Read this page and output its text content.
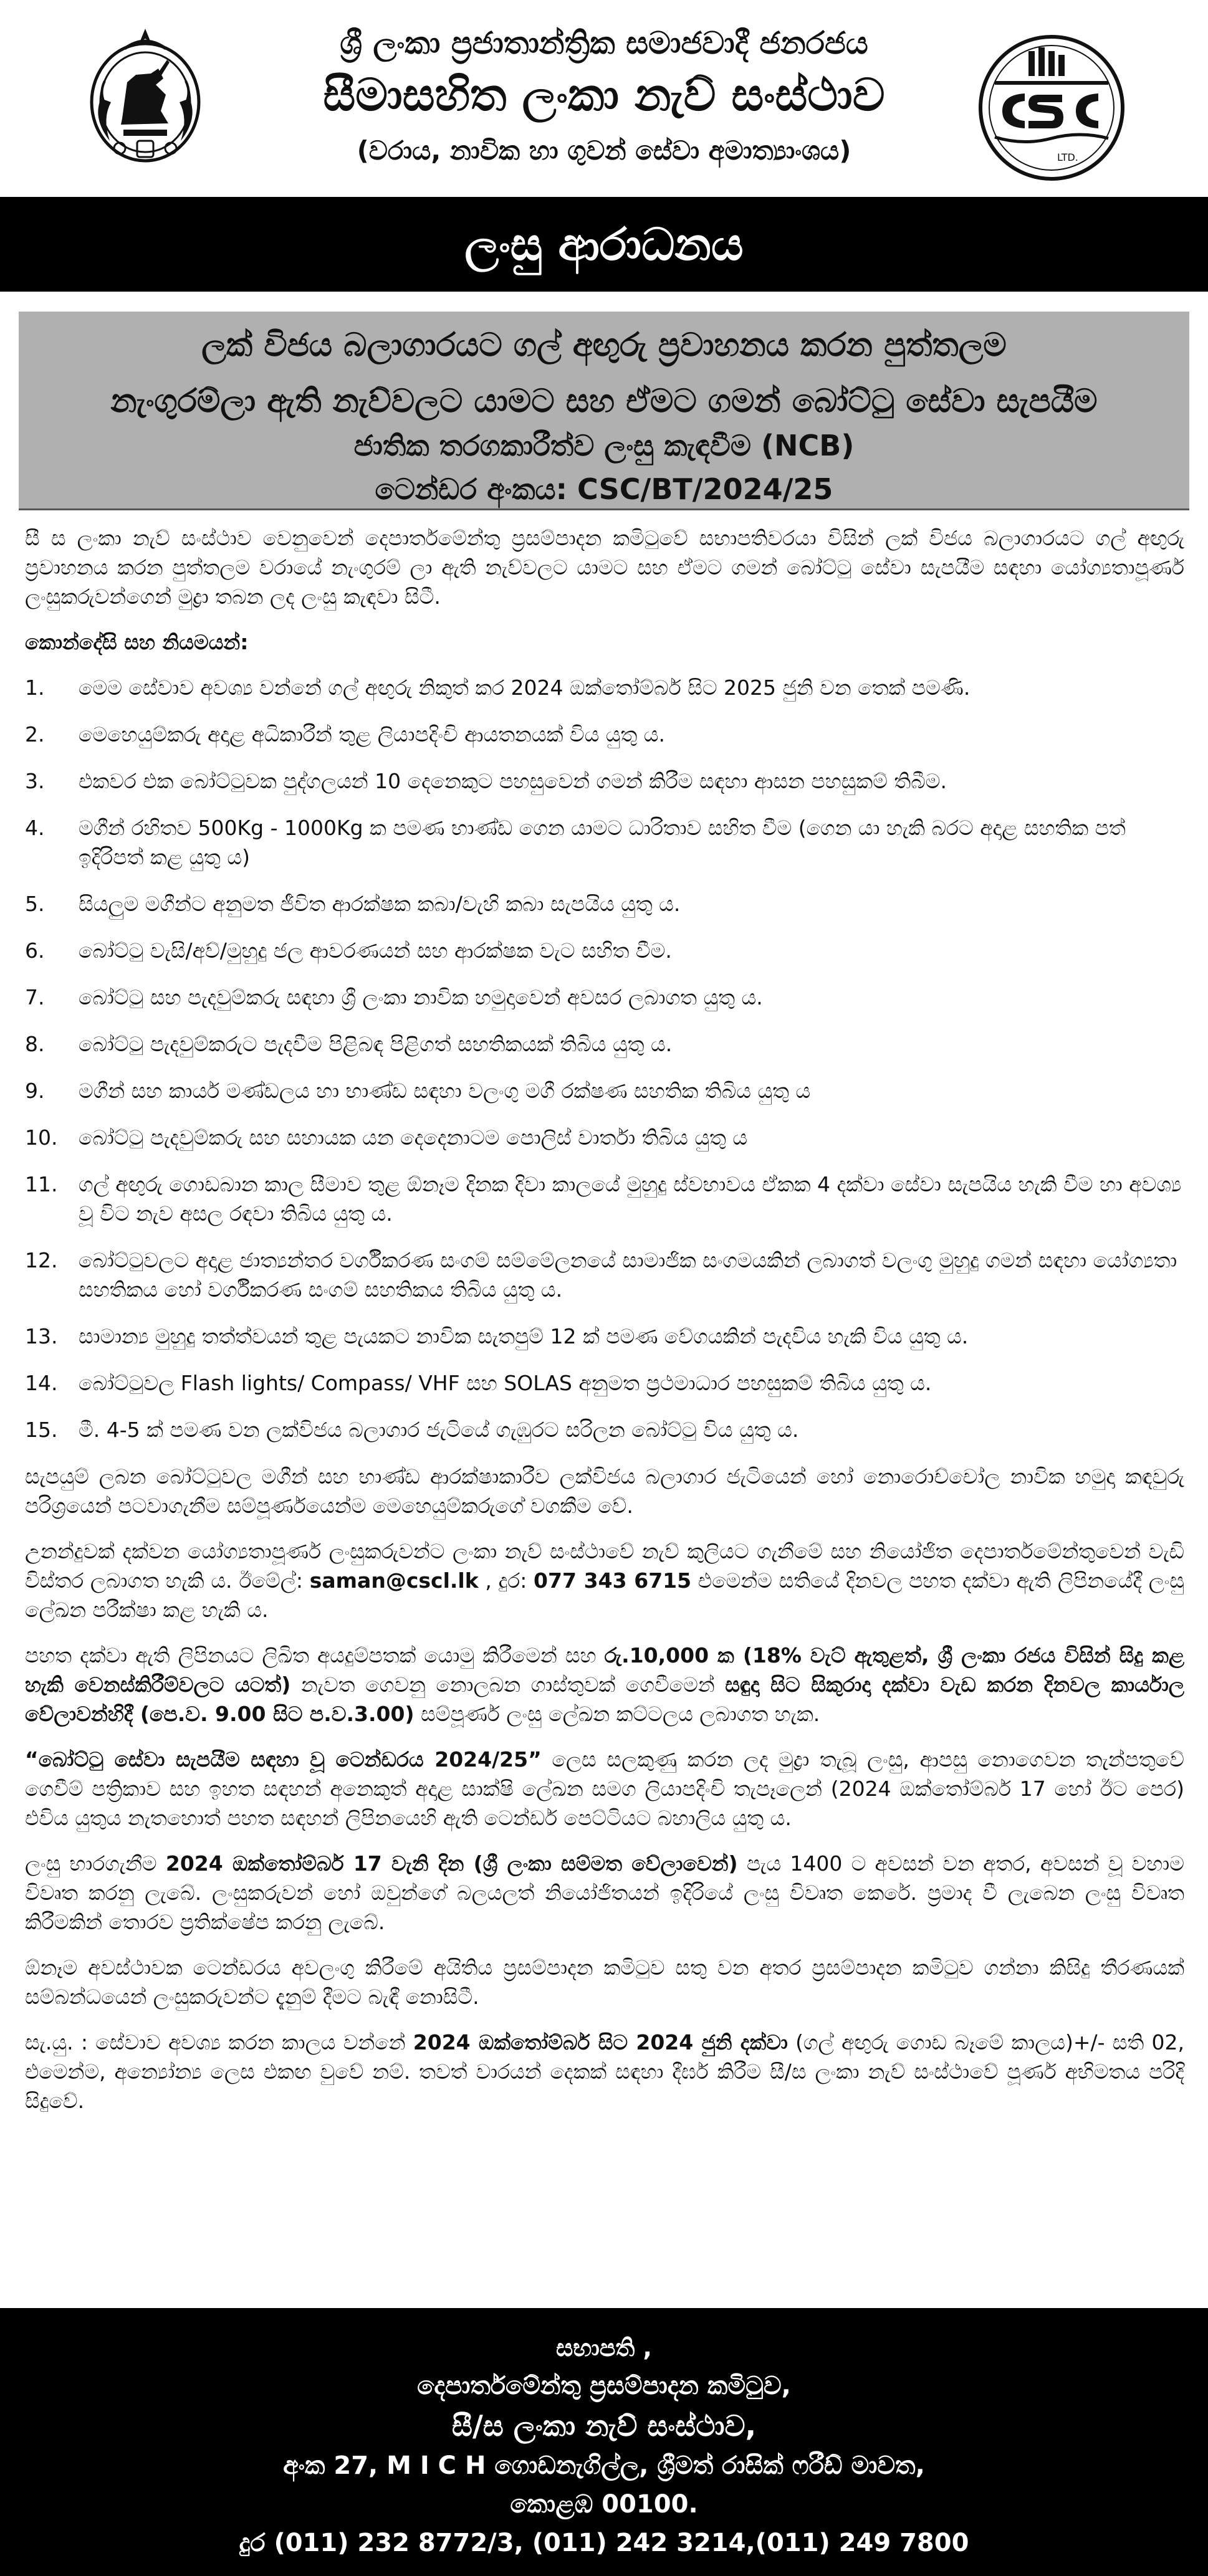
ශ්‍රී ලංකා ප්‍රජාතාන්ත්‍රික සමාජවාදී ජනරජය
සීමාසහිත ලංකා නැව් සංස්ථාව
(වරාය, නාවික හා ගුවන් සේවා අමාත්‍යාංශය)	LTD.
ලංසු ආරාධනය
ලක් විජය බලාගාරයට ගල් අඟුරු ප්‍රවාහනය කරන පුත්තලම
නැංගුරම්ලා ඇති නැව්වලට යාමට සහ ඒමට ගමන් බෝට්ටු සේවා සැපයීම
ජාතික තරගකාරීත්ව ලංසු කැඳවීම (NCB)
ටෙන්ඩර අංකය: CSC/BT/2024/25

සී ස ලංකා නැව් සංස්ථාව වෙනුවෙන් දෙපාර්තමේන්තු ප්‍රසම්පාදන කමිටුවේ සභාපතිවරයා විසින් ලක් විජය බලාගාරයට ගල් අඟුරු ප්‍රවාහනය කරන පුත්තලම වරායේ නැංගුරම් ලා ඇති නැව්වලට යාමට සහ ඒමට ගමන් බෝට්ටු සේවා සැපයීම සඳහා යෝග්‍යතාපූර්ණ ලංසුකරුවන්ගෙන් මුද්‍රා තබන ලද ලංසු කැඳවා සිටී.

කොන්දේසි සහ නියමයන්:
1.	මෙම සේවාව අවශ්‍ය වන්නේ ගල් අඟුරු නිකුත් කර 2024 ඔක්තෝම්බර් සිට 2025 ජුනි වන තෙක් පමණි.
2.	මෙහෙයුම්කරු අදාළ අධිකාරීන් තුළ ලියාපදිංචි ආයතනයක් විය යුතු ය.
3.	එකවර එක බෝට්ටුවක පුද්ගලයන් 10 දෙනෙකුට පහසුවෙන් ගමන් කිරීම සඳහා ආසන පහසුකම් තිබීම.
4.	මගීන් රහිතව 500Kg - 1000Kg ක පමණ භාණ්ඩ ගෙන යාමට ධාරිතාව සහිත වීම (ගෙන යා හැකි බරට අදාළ සහතික පත් ඉදිරිපත් කළ යුතු ය)
5.	සියලුම මගීන්ට අනුමත ජීවිත ආරක්ෂක කබා/වැහි කබා සැපයිය යුතු ය.
6.	බෝට්ටු වැසි/අව්/මුහුදු ජල ආවරණයන් සහ ආරක්ෂක වැට සහිත වීම.
7.	බෝට්ටු සහ පැදවුම්කරු සඳහා ශ්‍රී ලංකා නාවික හමුදාවෙන් අවසර ලබාගත යුතු ය.
8.	බෝට්ටු පැදවුම්කරුට පැදවීම පිළිබඳ පිළිගත් සහතිකයක් තිබිය යුතු ය.
9.	මගීන් සහ කාර්ය මණ්ඩලය හා භාණ්ඩ සඳහා වලංගු මගී රක්ෂණ සහතික තිබිය යුතු ය
10.	බෝට්ටු පැදවුම්කරු සහ සහායක යන දෙදෙනාටම පොලිස් වාර්තා තිබිය යුතු ය
11.	ගල් අඟුරු ගොඩබාන කාල සීමාව තුළ ඕනෑම දිනක දිවා කාලයේ මුහුදු ස්වභාවය ඒකක 4 දක්වා සේවා සැපයිය හැකි වීම හා අවශ්‍ය වූ විට නැව අසල රඳවා තිබිය යුතු ය.
12.	බෝට්ටුවලට අදාළ ජාත්‍යන්තර වර්ගීකරණ සංගම් සම්මේලනයේ සාමාජික සංගමයකින් ලබාගත් වලංගු මුහුදු ගමන් සඳහා යෝග්‍යතා සහතිකය හෝ වර්ගීකරණ සංගම් සහතිකය තිබිය යුතු ය.
13.	සාමාන්‍ය මුහුදු තත්ත්වයන් තුළ පැයකට නාවික සැතපුම් 12 ක් පමණ වේගයකින් පැදවිය හැකි විය යුතු ය.
14.	බෝට්ටුවල Flash lights/ Compass/ VHF සහ SOLAS අනුමත ප්‍රථමාධාර පහසුකම් තිබිය යුතු ය.
15.	මී. 4-5 ක් පමණ වන ලක්විජය බලාගාර ජැටියේ ගැඹුරට සරිලන බෝට්ටු විය යුතු ය.

සැපයුම් ලබන බෝට්ටුවල මගීන් සහ භාණ්ඩ ආරක්ෂාකාරීව ලක්විජය බලාගාර ජැටියෙන් හෝ නොරොච්චෝල නාවික හමුදා කඳවුරු පරිශ්‍රයෙන් පටවාගැනීම සම්පූර්ණයෙන්ම මෙහෙයුම්කරුගේ වගකීම වේ.

උනන්දුවක් දක්වන යෝග්‍යතාපූර්ණ ලංසුකරුවන්ට ලංකා නැව් සංස්ථාවේ නැව් කුලියට ගැනීමේ සහ නියෝජිත දෙපාර්තමේන්තුවෙන් වැඩි විස්තර ලබාගත හැකි ය. ඊමේල්: saman@cscl.lk , දුර: 077 343 6715 එමෙන්ම සතියේ දිනවල පහත දක්වා ඇති ලිපිනයේදී ලංසු ලේඛන පරීක්ෂා කළ හැකි ය.

පහත දක්වා ඇති ලිපිනයට ලිඛිත අයදුම්පතක් යොමු කිරීමෙන් සහ රු.10,000 ක (18% වැට් ඇතුළත්, ශ්‍රී ලංකා රජය විසින් සිදු කළ හැකි වෙනස්කිරීම්වලට යටත්) නැවත ගෙවනු නොලබන ගාස්තුවක් ගෙවීමෙන් සඳුදා සිට සිකුරාදා දක්වා වැඩ කරන දිනවල කාර්යාල වේලාවන්හිදී (පෙ.ව. 9.00 සිට ප.ව.3.00) සම්පූර්ණ ලංසු ලේඛන කට්ටලය ලබාගත හැක.

“බෝට්ටු සේවා සැපයීම සඳහා වූ ටෙන්ඩරය 2024/25” ලෙස සලකුණු කරන ලද මුද්‍රා තැබූ ලංසු, ආපසු නොගෙවන තැන්පතුවේ ගෙවීම් පත්‍රිකාව සහ ඉහත සඳහන් අනෙකුත් අදාළ සාක්ෂි ලේඛන සමග ලියාපදිංචි තැපෑලෙන් (2024 ඔක්තෝම්බර් 17 හෝ ඊට පෙර) එවිය යුතුය නැතහොත් පහත සඳහන් ලිපිනයෙහි ඇති ටෙන්ඩර් පෙට්ටියට බහාලිය යුතු ය.

ලංසු භාරගැනීම 2024 ඔක්තෝම්බර් 17 වැනි දින (ශ්‍රී ලංකා සම්මත වේලාවෙන්) පැය 1400 ට අවසන් වන අතර, අවසන් වූ වහාම විවෘත කරනු ලැබේ. ලංසුකරුවන් හෝ ඔවුන්ගේ බලයලත් නියෝජිතයන් ඉදිරියේ ලංසු විවෘත කෙරේ. ප්‍රමාද වී ලැබෙන ලංසු විවෘත කිරීමකින් තොරව ප්‍රතික්ෂේප කරනු ලැබේ.

ඕනෑම අවස්ථාවක ටෙන්ඩරය අවලංගු කිරීමේ අයිතිය ප්‍රසම්පාදන කමිටුව සතු වන අතර ප්‍රසම්පාදන කමිටුව ගන්නා කිසිදු තීරණයක් සම්බන්ධයෙන් ලංසුකරුවන්ට දැනුම් දීමට බැඳී නොසිටී.

සැ.යු. : සේවාව අවශ්‍ය කරන කාලය වන්නේ 2024 ඔක්තෝම්බර් සිට 2024 ජුනි දක්වා (ගල් අඟුරු ගොඩ බෑමේ කාලය)+/- සති 02, එමෙන්ම, අන්‍යෝන්‍ය ලෙස එකඟ වුවේ නම්. තවත් වාරයන් දෙකක් සඳහා දීර්ඝ කිරීම සී/ස ලංකා නැව් සංස්ථාවේ පූර්ණ අභිමතය පරිදි සිදුවේ.

සභාපති ,
දෙපාර්තමේන්තු ප්‍රසම්පාදන කමිටුව,
සී/ස ලංකා නැව් සංස්ථාව,
අංක 27, M I C H ගොඩනැගිල්ල, ශ්‍රීමත් රාසික් ෆරීඩ් මාවත,
කොළඹ 00100.
දුර (011) 232 8772/3, (011) 242 3214,(011) 249 7800
